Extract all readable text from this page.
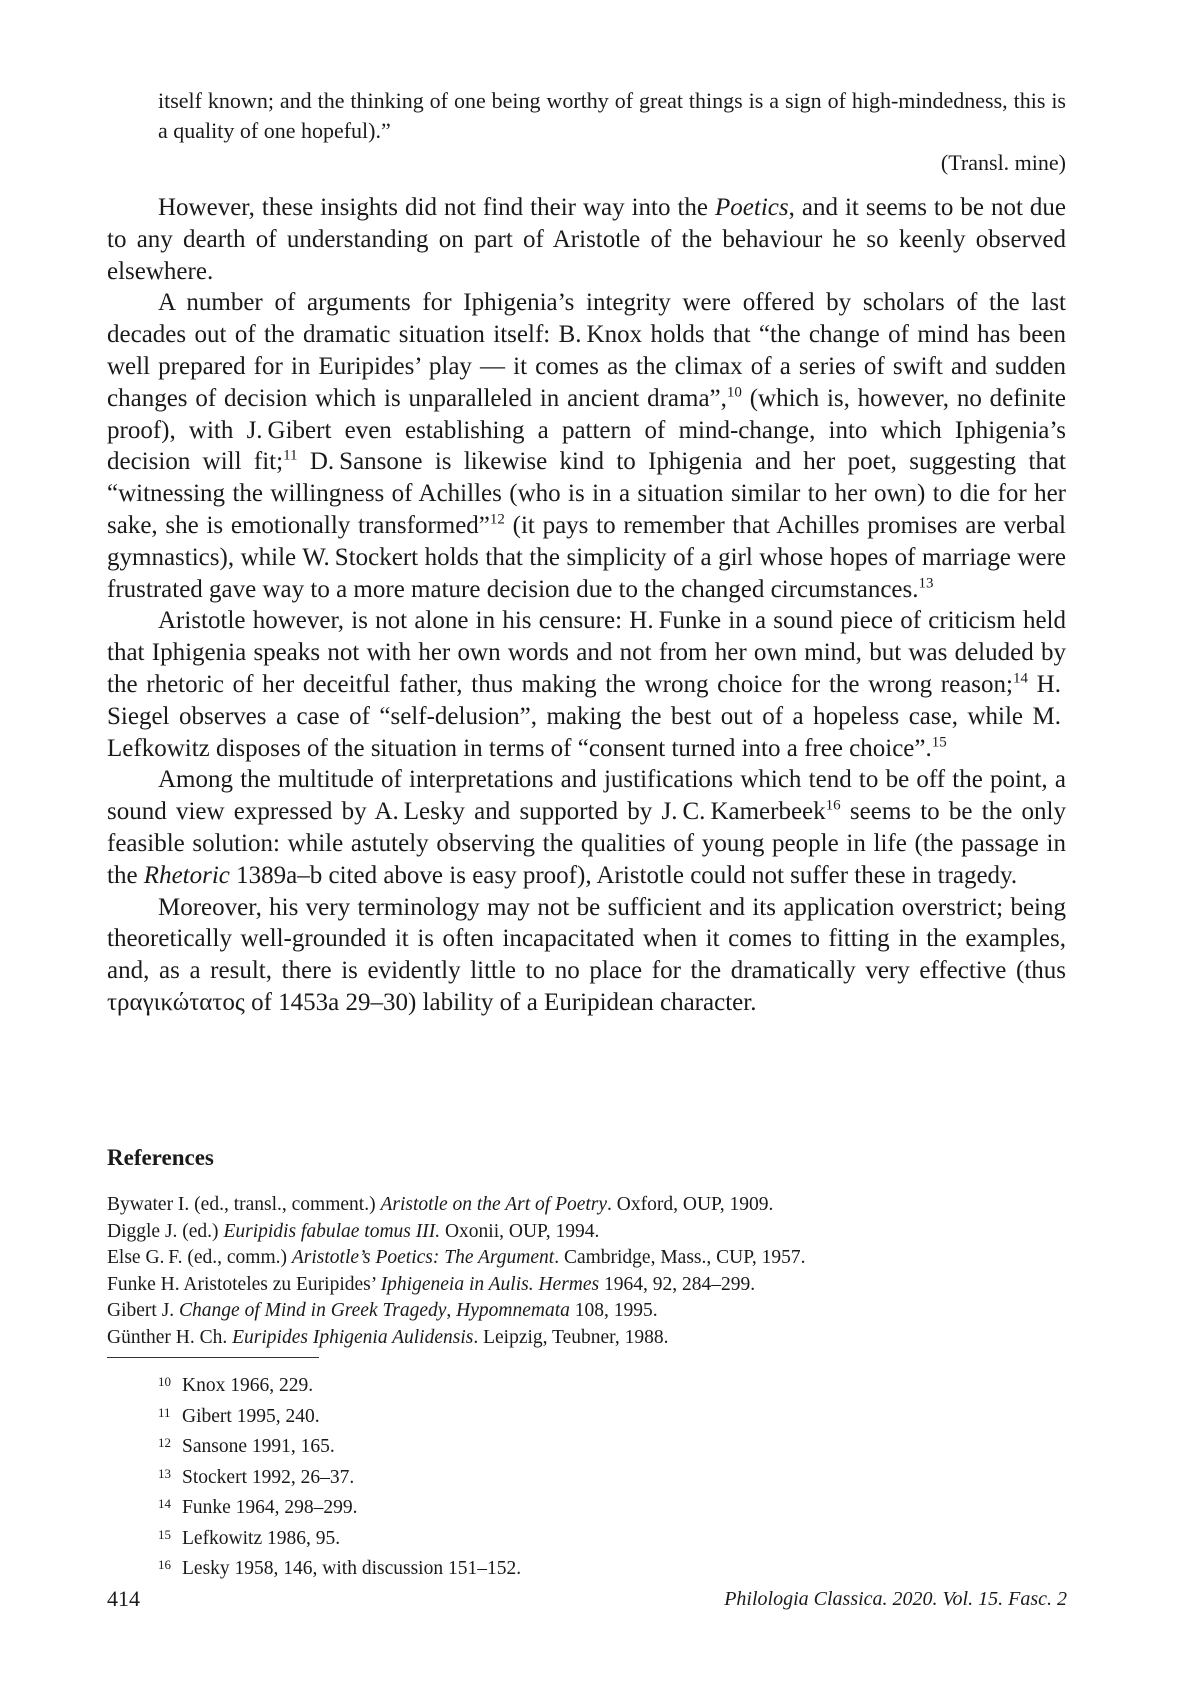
itself known; and the thinking of one being worthy of great things is a sign of high-mindedness, this is a quality of one hopeful).”
(Transl. mine)

However, these insights did not find their way into the Poetics, and it seems to be not due to any dearth of understanding on part of Aristotle of the behaviour he so keenly observed elsewhere.

A number of arguments for Iphigenia’s integrity were offered by scholars of the last decades out of the dramatic situation itself: B. Knox holds that “the change of mind has been well prepared for in Euripides’ play — it comes as the climax of a series of swift and sudden changes of decision which is unparalleled in ancient drama”,$^{10}$ (which is, however, no definite proof), with J. Gibert even establishing a pattern of mind-change, into which Iphigenia’s decision will fit;$^{11}$ D. Sansone is likewise kind to Iphigenia and her poet, suggesting that “witnessing the willingness of Achilles (who is in a situation similar to her own) to die for her sake, she is emotionally transformed”$^{12}$ (it pays to remember that Achilles promises are verbal gymnastics), while W. Stockert holds that the simplicity of a girl whose hopes of marriage were frustrated gave way to a more mature decision due to the changed circumstances.$^{13}$

Aristotle however, is not alone in his censure: H. Funke in a sound piece of criticism held that Iphigenia speaks not with her own words and not from her own mind, but was deluded by the rhetoric of her deceitful father, thus making the wrong choice for the wrong reason;$^{14}$ H. Siegel observes a case of “self-delusion”, making the best out of a hopeless case, while M. Lefkowitz disposes of the situation in terms of “consent turned into a free choice”.$^{15}$

Among the multitude of interpretations and justifications which tend to be off the point, a sound view expressed by A. Lesky and supported by J. C. Kamerbeek$^{16}$ seems to be the only feasible solution: while astutely observing the qualities of young people in life (the passage in the Rhetoric 1389a–b cited above is easy proof), Aristotle could not suffer these in tragedy.

Moreover, his very terminology may not be sufficient and its application overstrict; being theoretically well-grounded it is often incapacitated when it comes to fitting in the examples, and, as a result, there is evidently little to no place for the dramatically very effective (thus τραγικώτατος of 1453a 29–30) lability of a Euripidean character.

References
Bywater I. (ed., transl., comment.) Aristotle on the Art of Poetry. Oxford, OUP, 1909.
Diggle J. (ed.) Euripidis fabulae tomus III. Oxonii, OUP, 1994.
Else G. F. (ed., comm.) Aristotle’s Poetics: The Argument. Cambridge, Mass., CUP, 1957.
Funke H. Aristoteles zu Euripides’ Iphigeneia in Aulis. Hermes 1964, 92, 284–299.
Gibert J. Change of Mind in Greek Tragedy, Hypomnemata 108, 1995.
Günther H. Ch. Euripides Iphigenia Aulidensis. Leipzig, Teubner, 1988.
10 Knox 1966, 229.
11 Gibert 1995, 240.
12 Sansone 1991, 165.
13 Stockert 1992, 26–37.
14 Funke 1964, 298–299.
15 Lefkowitz 1986, 95.
16 Lesky 1958, 146, with discussion 151–152.
414	Philologia Classica. 2020. Vol. 15. Fasc. 2
